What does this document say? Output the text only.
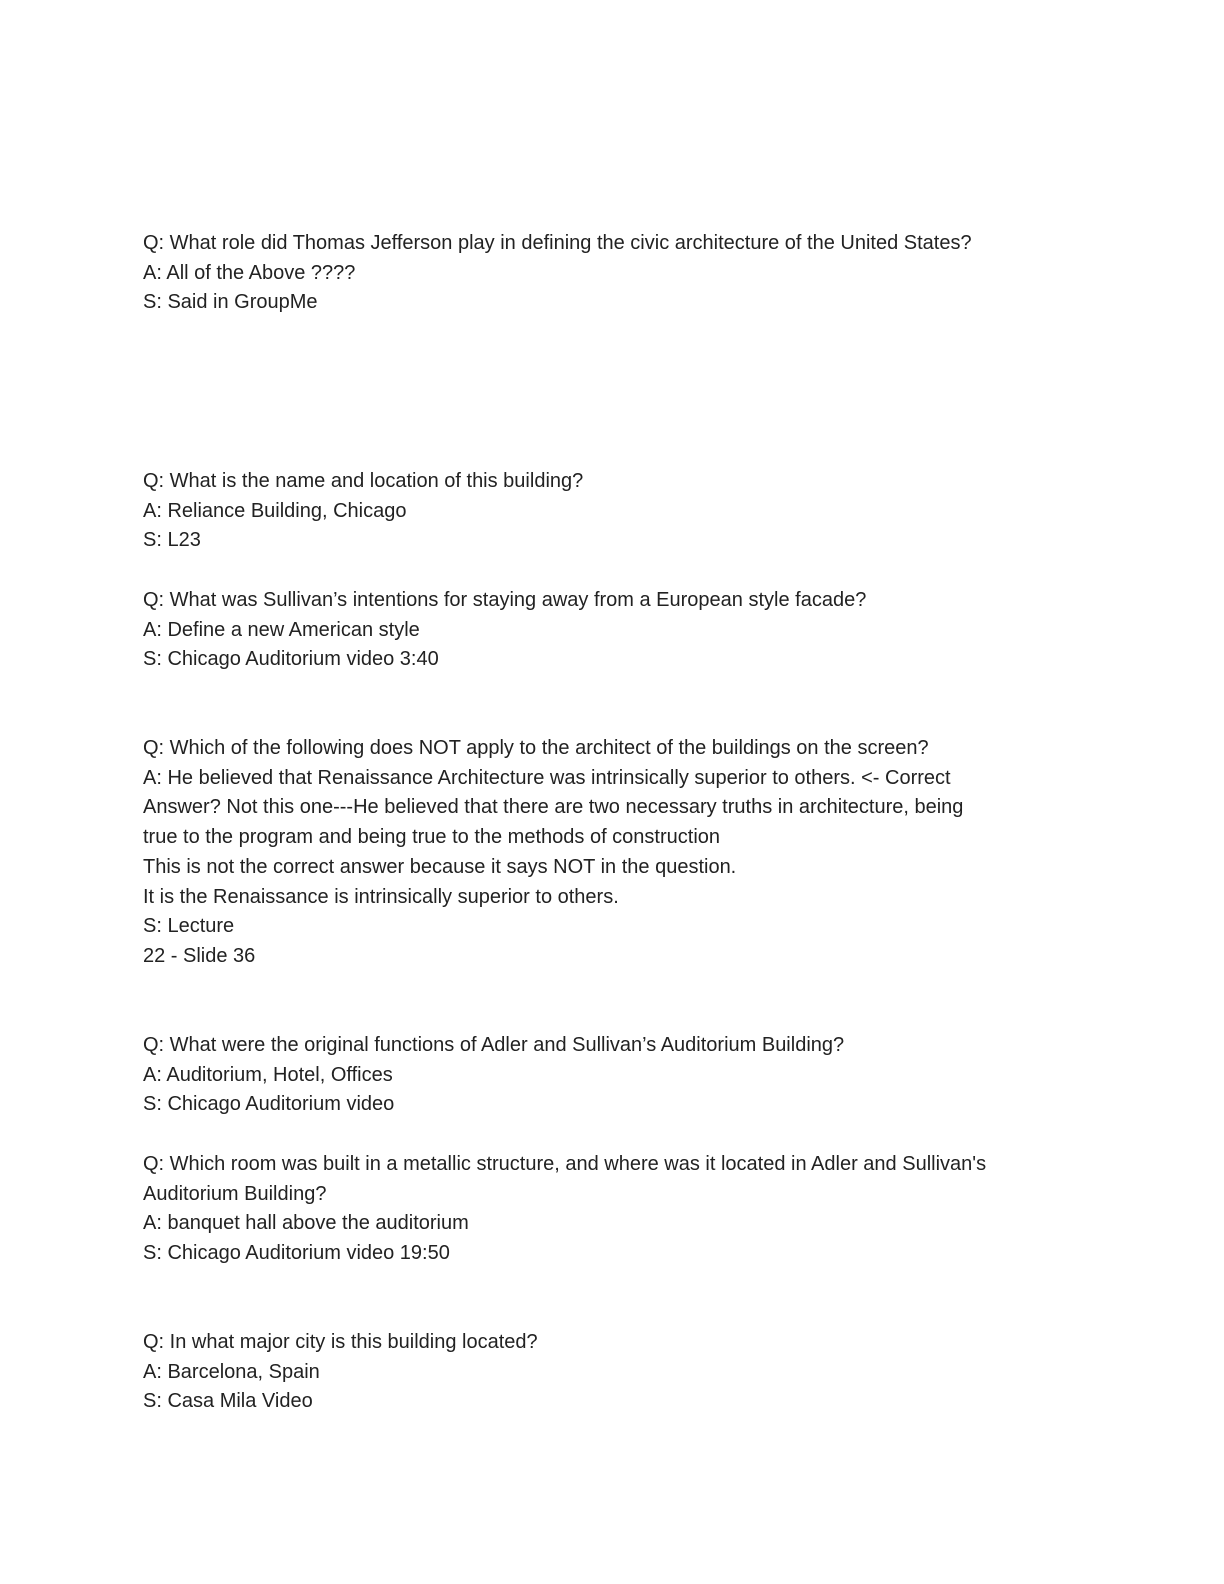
Q: What role did Thomas Jefferson play in defining the civic architecture of the United States?
A: All of the Above ????
S: Said in GroupMe
Q: What is the name and location of this building?
A: Reliance Building, Chicago
S: L23
Q: What was Sullivan’s intentions for staying away from a European style facade?
A: Define a new American style
S: Chicago Auditorium video 3:40
Q: Which of the following does NOT apply to the architect of the buildings on the screen?
A: He believed that Renaissance Architecture was intrinsically superior to others. <- Correct
Answer? Not this one---He believed that there are two necessary truths in architecture, being
true to the program and being true to the methods of construction
This is not the correct answer because it says NOT in the question.
It is the Renaissance is intrinsically superior to others.
S: Lecture
22 - Slide 36
Q: What were the original functions of Adler and Sullivan’s Auditorium Building?
A: Auditorium, Hotel, Offices
S: Chicago Auditorium video
Q: Which room was built in a metallic structure, and where was it located in Adler and Sullivan's
Auditorium Building?
A: banquet hall above the auditorium
S: Chicago Auditorium video 19:50
Q: In what major city is this building located?
A: Barcelona, Spain
S: Casa Mila Video
